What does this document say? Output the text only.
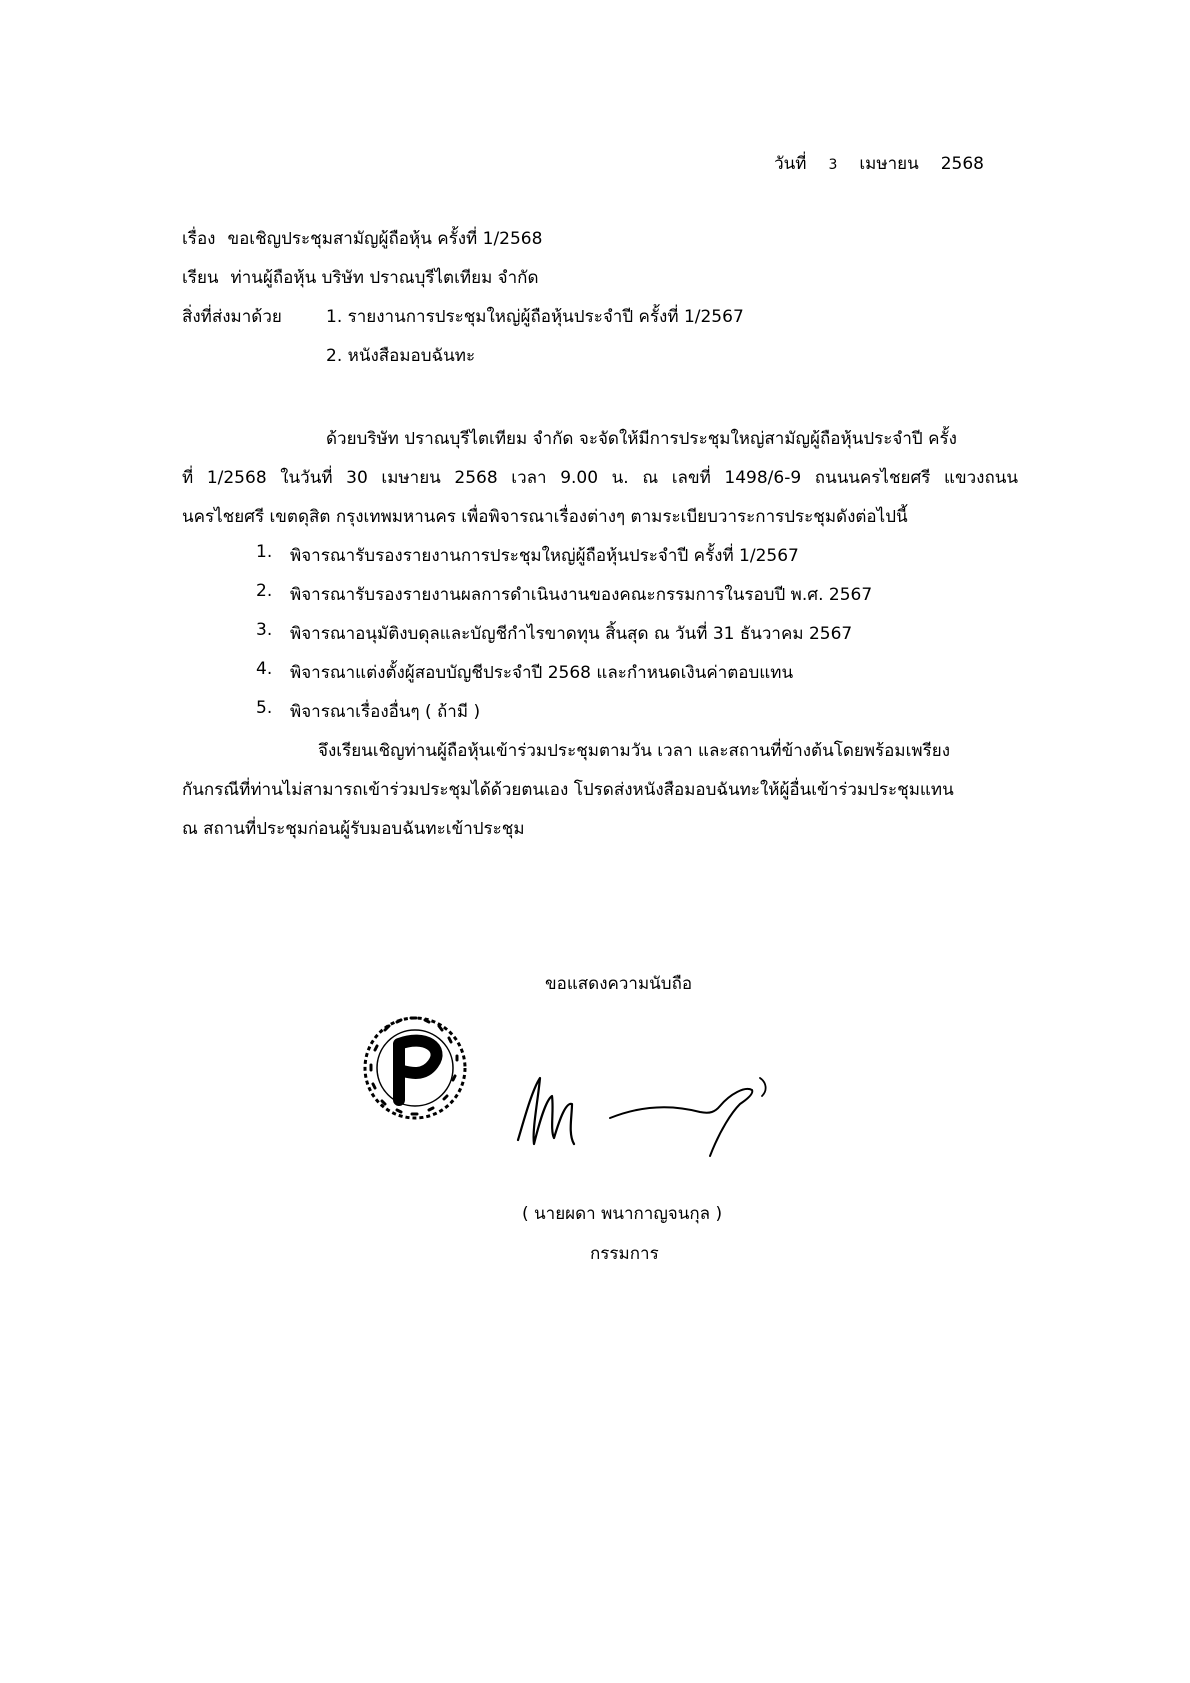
วันที่ 3 เมษายน 2568
เรื่อง ขอเชิญประชุมสามัญผู้ถือหุ้น ครั้งที่ 1/2568
เรียน ท่านผู้ถือหุ้น บริษัท ปราณบุรีไตเทียม จำกัด
สิ่งที่ส่งมาด้วย	1. รายงานการประชุมใหญ่ผู้ถือหุ้นประจำปี ครั้งที่ 1/2567
2. หนังสือมอบฉันทะ
ด้วยบริษัท ปราณบุรีไตเทียม จำกัด จะจัดให้มีการประชุมใหญ่สามัญผู้ถือหุ้นประจำปี ครั้ง
ที่ 1/2568 ในวันที่ 30 เมษายน 2568 เวลา 9.00 น. ณ เลขที่ 1498/6-9 ถนนนครไชยศรี แขวงถนน
นครไชยศรี เขตดุสิต กรุงเทพมหานคร เพื่อพิจารณาเรื่องต่างๆ ตามระเบียบวาระการประชุมดังต่อไปนี้
1. พิจารณารับรองรายงานการประชุมใหญ่ผู้ถือหุ้นประจำปี ครั้งที่ 1/2567
2. พิจารณารับรองรายงานผลการดำเนินงานของคณะกรรมการในรอบปี พ.ศ. 2567
3. พิจารณาอนุมัติงบดุลและบัญชีกำไรขาดทุน สิ้นสุด ณ วันที่ 31 ธันวาคม 2567
4. พิจารณาแต่งตั้งผู้สอบบัญชีประจำปี 2568 และกำหนดเงินค่าตอบแทน
5. พิจารณาเรื่องอื่นๆ ( ถ้ามี )
จึงเรียนเชิญท่านผู้ถือหุ้นเข้าร่วมประชุมตามวัน เวลา และสถานที่ข้างต้นโดยพร้อมเพรียง
กันกรณีที่ท่านไม่สามารถเข้าร่วมประชุมได้ด้วยตนเอง โปรดส่งหนังสือมอบฉันทะให้ผู้อื่นเข้าร่วมประชุมแทน
ณ สถานที่ประชุมก่อนผู้รับมอบฉันทะเข้าประชุม
ขอแสดงความนับถือ
( นายผดา พนากาญจนกุล )
กรรมการ
